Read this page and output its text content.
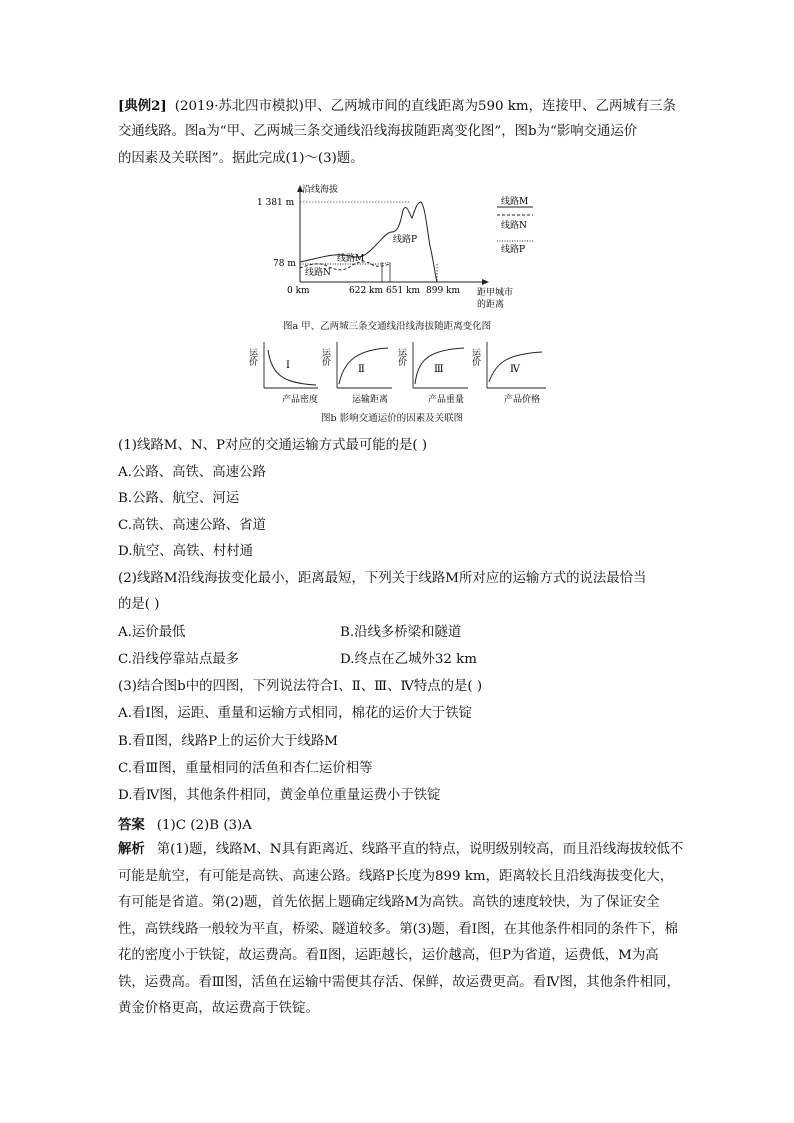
[典例2] (2019·苏北四市模拟)甲、乙两城市间的直线距离为590 km，连接甲、乙两城有三条
交通线路。图a为“甲、乙两城三条交通线沿线海拔随距离变化图”，图b为“影响交通运价
的因素及关联图”。据此完成(1)～(3)题。
沿线海拔
1 381 m
78 m	线路M
线路N
线路P
0 km	622 km 651 km 899 km 距甲城市
的距离
线路M
线路N
线路P
图a 甲、乙两城三条交通线沿线海拔随距离变化图
运价	Ⅰ
产品密度
运价
Ⅱ
运输距离
运价
Ⅲ
产品重量
运价
Ⅳ
产品价格
图b 影响交通运价的因素及关联图
(1)线路M、N、P对应的交通运输方式最可能的是( )
A.公路、高铁、高速公路
B.公路、航空、河运
C.高铁、高速公路、省道
D.航空、高铁、村村通
(2)线路M沿线海拔变化最小，距离最短，下列关于线路M所对应的运输方式的说法最恰当
的是( )
A.运价最低	B.沿线多桥梁和隧道
C.沿线停靠站点最多	D.终点在乙城外32 km
(3)结合图b中的四图，下列说法符合Ⅰ、Ⅱ、Ⅲ、Ⅳ特点的是( )
A.看Ⅰ图，运距、重量和运输方式相同，棉花的运价大于铁锭
B.看Ⅱ图，线路P上的运价大于线路M
C.看Ⅲ图，重量相同的活鱼和杏仁运价相等
D.看Ⅳ图，其他条件相同，黄金单位重量运费小于铁锭
答案 (1)C (2)B (3)A
解析 第(1)题，线路M、N具有距离近、线路平直的特点，说明级别较高，而且沿线海拔较低不可能是航空，有可能是高铁、高速公路。线路P长度为899 km，距离较长且沿线海拔变化大，有可能是省道。第(2)题，首先依据上题确定线路M为高铁。高铁的速度较快，为了保证安全性，高铁线路一般较为平直，桥梁、隧道较多。第(3)题，看Ⅰ图，在其他条件相同的条件下，棉花的密度小于铁锭，故运费高。看Ⅱ图，运距越长，运价越高，但P为省道，运费低，M为高铁，运费高。看Ⅲ图，活鱼在运输中需便其存活、保鲜，故运费更高。看Ⅳ图，其他条件相同，黄金价格更高，故运费高于铁锭。
